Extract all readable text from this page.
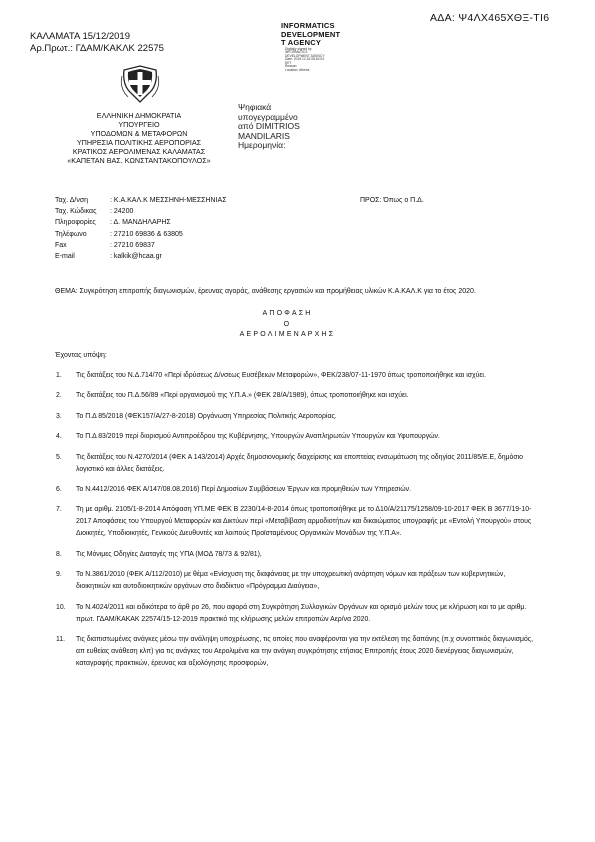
ΚΑΛΑΜΑΤΑ 15/12/2019
Αρ.Πρωτ.: ΓΔΑΜ/ΚΑΚΛΚ 22575
INFORMATICS
DEVELOPMENT
T AGENCY
Digitally signed by
INFORMATICS
DEVELOPMENT AGENCY
Date: 2019.12.16 08:52:03
EET
Reason:
Location: Athens
ΑΔΑ: Ψ4ΛΧ465ΧΘΞ-ΤΙ6
Ψηφιακά
υπογεγραμμένο
από DIMITRIOS
MANDILARIS
Ημερομηνία:
ΕΛΛΗΝΙΚΗ ΔΗΜΟΚΡΑΤΙΑ
ΥΠΟΥΡΓΕΙΟ
ΥΠΟΔΟΜΩΝ & ΜΕΤΑΦΟΡΩΝ
ΥΠΗΡΕΣΙΑ ΠΟΛΙΤΙΚΗΣ ΑΕΡΟΠΟΡΙΑΣ
ΚΡΑΤΙΚΟΣ ΑΕΡΟΛΙΜΕΝΑΣ ΚΑΛΑΜΑΤΑΣ
«ΚΑΠΕΤΑΝ ΒΑΣ. ΚΩΝΣΤΑΝΤΑΚΟΠΟΥΛΟΣ»
Ταχ. Δ/νση	: Κ.Α.ΚΑΛ.Κ ΜΕΣΣΗΝΗ-ΜΕΣΣΗΝΙΑΣ
Ταχ. Κώδικας : 24200
Πληροφορίες : Δ. ΜΑΝΔΗΛΑΡΗΣ
Τηλέφωνο	: 27210 69836 & 63805
Fax	: 27210 69837
E-mail	: kalkik@hcaa.gr
ΠΡΟΣ: Όπως ο Π.Δ.
ΘΕΜΑ: Συγκρότηση επιτροπής διαγωνισμών, έρευνας αγοράς, ανάθεσης εργασιών και προμήθειας υλικών Κ.Α.ΚΑΛ.Κ για το έτος 2020.
ΑΠΟΦΑΣΗ
Ο
ΑΕΡΟΛΙΜΕΝΑΡΧΗΣ
Έχοντας υπόψη:
1. Τις διατάξεις του Ν.Δ.714/70 «Περί ιδρύσεως Δ/νσεως Ευσέβειων Μεταφορών», ΦΕΚ/238/07-11-1970 όπως τροποποιήθηκε και ισχύει.
2. Τις διατάξεις του Π.Δ.56/89 «Περί οργανισμού της Υ.Π.Α.» (ΦΕΚ 28/Α/1989), όπως τροποποιήθηκε και ισχύει.
3. Το Π.Δ 85/2018 (ΦΕΚ157/Α/27-8-2018) Οργάνωση Υπηρεσίας Πολιτικής Αεροπορίας.
4. Το Π.Δ 83/2019 περί διορισμού Αντιπροέδρου της Κυβέρνησης, Υπουργών Αναπληρωτών Υπουργών και Υφυπουργών.
5. Τις διατάξεις του Ν.4270/2014 (ΦΕΚ Α 143/2014) Αρχές δημοσιονομικής διαχείρισης και εποπτείας ενσωμάτωση της οδηγίας 2011/85/Ε.Ε, δημόσιο λογιστικό και άλλες διατάξεις.
6. Το Ν.4412/2016 ΦΕΚ Α/147/08.08.2016) Περί Δημοσίων Συμβάσεων Έργων και προμηθειών των Υπηρεσιών.
7. Τη με αριθμ. 2105/1-8-2014 Απόφαση ΥΠ.ΜΕ ΦΕΚ Β 2230/14-8-2014 όπως τροποποιήθηκε με το Δ10/Α/21175/1258/09-10-2017 ΦΕΚ Β 3677/19-10-2017 Αποφάσεις του Υπουργού Μεταφορών και Δικτύων περί «Μεταβίβαση αρμοδιοτήτων και δικαιώματος υπογραφής με «Εντολή Υπουργού» στους Διοικητές, Υποδιοικητές, Γενικούς Διευθυντές και λοιπούς Προϊσταμένους Οργανικών Μονάδων της Υ.Π.Α».
8. Τις Μόνιμες Οδηγίες Διαταγές της ΥΠΑ (ΜΟΔ 78/73 & 92/81),
9. Το Ν.3861/2010 (ΦΕΚ Α/112/2010) με θέμα «Ενίσχυση της διαφάνειας με την υποχρεωτική ανάρτηση νόμων και πράξεων των κυβερνητικών, διοικητικών και αυτοδιοικητικών οργάνων στο διαδίκτυο «Πρόγραμμα Διαύγεια»,
10. Το Ν.4024/2011 και ειδικότερα το άρθ ρο 26, που αφορά στη Συγκρότηση Συλλογικών Οργάνων και ορισμό μελών τους με κλήρωση και το με αριθμ. πρωτ. ΓΔΑΜ/ΚΑΚΑΚ 22574/15-12-2019 πρακτικό της κλήρωσης μελών επιτροπών Αερ/να 2020.
11. Τις διαπιστωμένες ανάγκες μέσω την ανάληψη υποχρέωσης, τις οποίες που αναφέρονται για την εκτέλεση της δαπάνης (π.χ συνοπτικός διαγωνισμός, απ ευθείας ανάθεση κλπ) για τις ανάγκες του Αερολιμένα και την ανάγκη συγκρότησης ετήσιας Επιτροπής έτους 2020 διενέργειας διαγωνισμών, καταγραφής πρακτικών, έρευνας και αξιολόγησης προσφορών,
